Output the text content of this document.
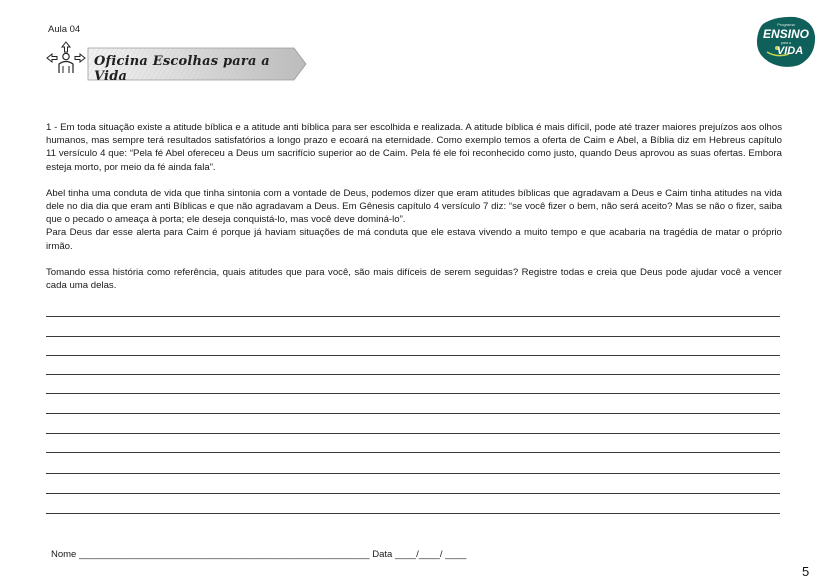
Aula 04
Oficina Escolhas para a Vida
Programa
ENSINO
para a
VIDA

1 - Em toda situação existe a atitude bíblica e a atitude anti bíblica para ser escolhida e realizada. A atitude bíblica é mais difícil, pode até trazer maiores prejuízos aos olhos humanos, mas sempre terá resultados satisfatórios a longo prazo e ecoará na eternidade. Como exemplo temos a oferta de Caim e Abel, a Bíblia diz em Hebreus capítulo 11 versículo 4 que: “Pela fé Abel ofereceu a Deus um sacrifício superior ao de Caim. Pela fé ele foi reconhecido como justo, quando Deus aprovou as suas ofertas. Embora esteja morto, por meio da fé ainda fala”.

Abel tinha uma conduta de vida que tinha sintonia com a vontade de Deus, podemos dizer que eram atitudes bíblicas que agradavam a Deus e Caim tinha atitudes na vida dele no dia dia que eram anti Bíblicas e que não agradavam a Deus. Em Gênesis capítulo 4 versículo 7 diz: “se você fizer o bem, não será aceito? Mas se não o fizer, saiba que o pecado o ameaça à porta; ele deseja conquistá-lo, mas você deve dominá-lo”.

Para Deus dar esse alerta para Caim é porque já haviam situações de má conduta que ele estava vivendo a muito tempo e que acabaria na tragédia de matar o próprio irmão.

Tomando essa história como referência, quais atitudes que para você, são mais difíceis de serem seguidas? Registre todas e creia que Deus pode ajudar você a vencer cada uma delas.

Nome _______________________________________________________ Data ____/____/ ____
5
